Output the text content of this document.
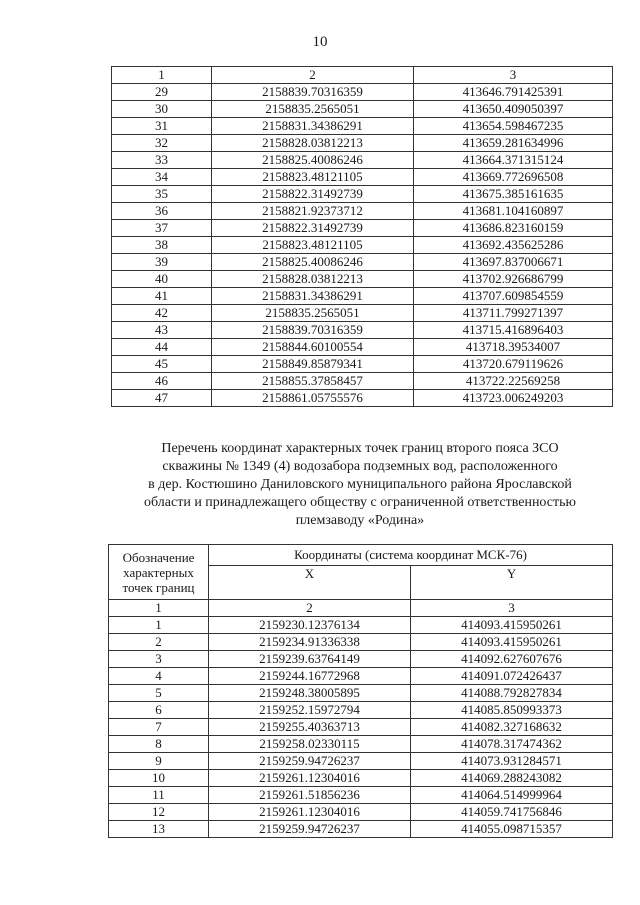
10
1	2	3
29	2158839.70316359	413646.791425391
30	2158835.2565051	413650.409050397
31	2158831.34386291	413654.598467235
32	2158828.03812213	413659.281634996
33	2158825.40086246	413664.371315124
34	2158823.48121105	413669.772696508
35	2158822.31492739	413675.385161635
36	2158821.92373712	413681.104160897
37	2158822.31492739	413686.823160159
38	2158823.48121105	413692.435625286
39	2158825.40086246	413697.837006671
40	2158828.03812213	413702.926686799
41	2158831.34386291	413707.609854559
42	2158835.2565051	413711.799271397
43	2158839.70316359	413715.416896403
44	2158844.60100554	413718.39534007
45	2158849.85879341	413720.679119626
46	2158855.37858457	413722.22569258
47	2158861.05755576	413723.006249203
Перечень координат характерных точек границ второго пояса ЗСО
скважины № 1349 (4) водозабора подземных вод, расположенного
в дер. Костюшино Даниловского муниципального района Ярославской
области и принадлежащего обществу с ограниченной ответственностью
племзаводу «Родина»
Обозначение
характерных
точек границ	Координаты (система координат МСК-76)	
	X	Y
1	2	3
1	2159230.12376134	414093.415950261
2	2159234.91336338	414093.415950261
3	2159239.63764149	414092.627607676
4	2159244.16772968	414091.072426437
5	2159248.38005895	414088.792827834
6	2159252.15972794	414085.850993373
7	2159255.40363713	414082.327168632
8	2159258.02330115	414078.317474362
9	2159259.94726237	414073.931284571
10	2159261.12304016	414069.288243082
11	2159261.51856236	414064.514999964
12	2159261.12304016	414059.741756846
13	2159259.94726237	414055.098715357
